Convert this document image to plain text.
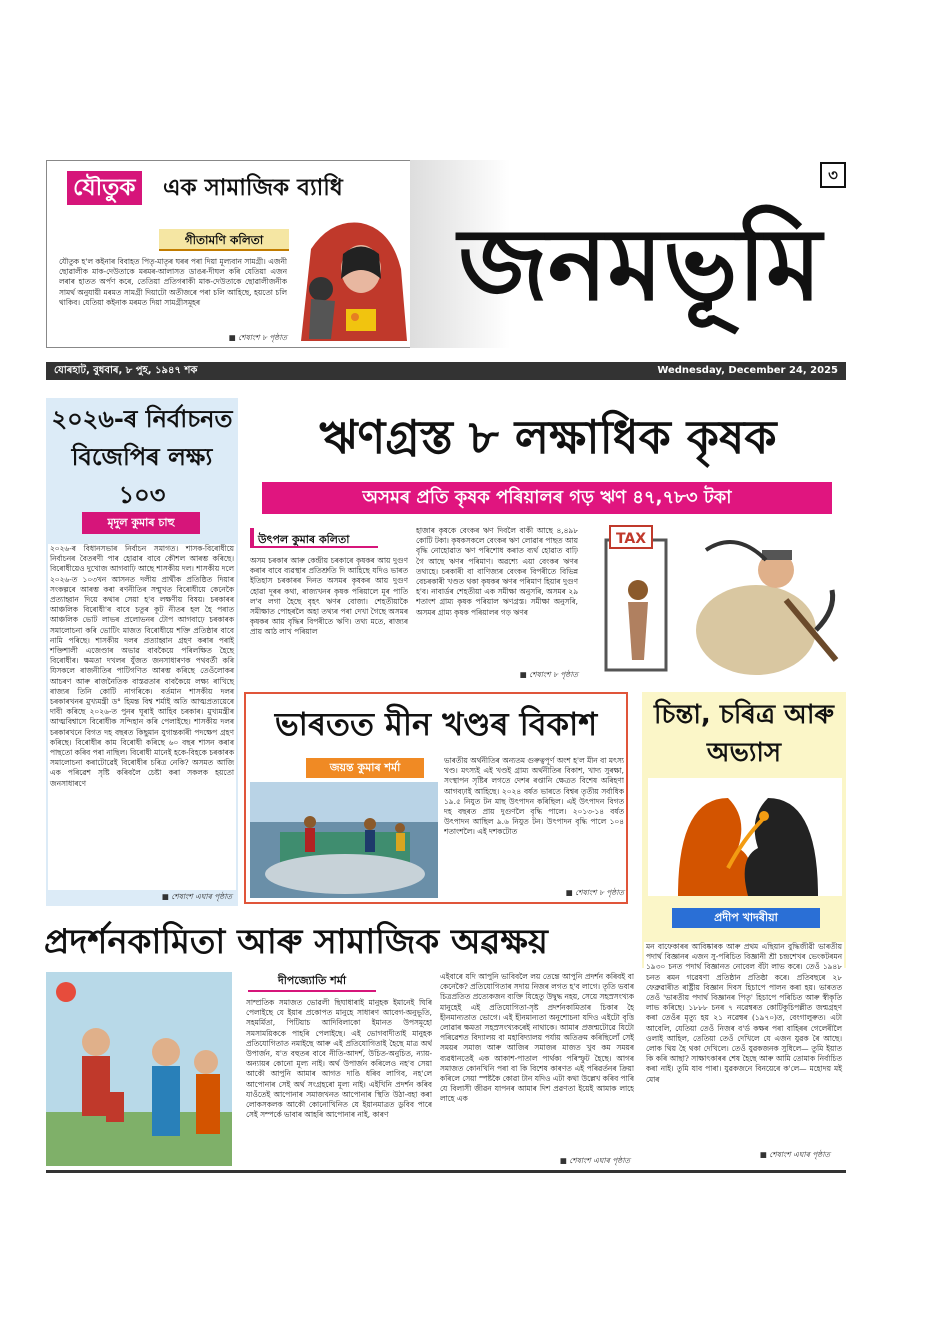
যৌতুক এক সামাজিক ব্যাধি
গীতামণি কলিতা
যৌতুক হ'ল কইনাৰ বিবাহত পিতৃ-মাতৃৰ ঘৰৰ পৰা দিয়া মূল্যবান সামগ্ৰী। এজনী ছোৱালীক মাক-দেউতাকে মৰমৰ-আলাসত ডাঙৰ-দীঘল কৰি যেতিয়া এজন লৰাৰ হাতত অৰ্পণ কৰে, তেতিয়া প্ৰতিগৰাকী মাক-দেউতাকে ছোৱালীজনীক সামৰ্থ অনুযায়ী মৰমত সামগ্ৰী দিয়াটো অতীজৰে পৰা চলি আহিছে, হয়তো চলি থাকিব। যেতিয়া কইনাক মৰমত দিয়া সামগ্ৰীসমূহৰ
■ শেষাংশ ৮ পৃষ্ঠাত
জনমভূমি
৩
যোৰহাট, বুধবাৰ, ৮ পুহ, ১৯৪৭ শক	Wednesday, December 24, 2025
২০২৬-ৰ নিৰ্বাচনত বিজেপিৰ লক্ষ্য ১০৩
মৃদুল কুমাৰ চাহু
২০২৬-ৰ বিধানসভাৰ নিৰ্বাচন সমাগত। শাসক-বিৰোধীয়ে নিৰ্বাচনৰ বৈতৰণী পাৰ হোৱাৰ বাবে কৌশল আৰম্ভ কৰিছে। বিৰোধীয়েও দুখোজ আগবাঢ়ি আছে শাসকীয় দল। শাসকীয় দলে ২০২৬-ত ১০৩খন আসনত দলীয় প্ৰাৰ্থীক প্ৰতিষ্ঠিত দিয়াৰ সংকল্পৰে আৰম্ভ কৰা ৰণনীতিৰ সন্মুখত বিৰোধীয়ে কেনেকৈ প্ৰত্যাহ্বান দিয়ে কথাৰ সেয়া হ'ব লক্ষণীয় বিষয়। চৰকাৰৰ আঞ্চলিক বিৰোধী'ৰ বাবে চতুৰ কূট নীতৰ হল হৈ পৰাত আঞ্চলিক ভোট লাভৰ প্ৰলোভনৰ টোপ আগবাঢ়ে চৰকাৰক সমালোচনা কৰি ভোটিং মাজত বিৰোধীয়ে শক্তি প্ৰতিষ্ঠাৰ বাবে নামি পৰিছে। শাসকীয় দলৰ প্ৰত্যাহ্বান গ্ৰহণ কৰাৰ পৰাই শক্তিশালী এজেণ্ডাৰ অভাৱ বাবকৈয়ে পৰিলক্ষিত হৈছে বিৰোধীৰ। ক্ষমতা দখলৰ যুঁজত জনসাধাৰণক পথবৰ্তী কৰি যিসকলে ৰাজনীতিৰ পাটিগণিত আৰম্ভ কৰিছে তেওঁলোকৰ আচৰণ আৰু ৰাজনৈতিক বাস্তৱতাৰ বাবকৈয়ে লক্ষ্য ৰাখিছে ৰাজ্যৰ তিনি কোটি নাগৰিকে। বৰ্তমান শাসকীয় দলৰ চৰকাৰখনৰ মুখ্যমন্ত্ৰী ড° হিমন্ত বিশ্ব শৰ্মাই অতি আত্মপ্ৰত্যয়েৰে দাবী কৰিছে ২০২৬-ত পুনৰ ঘূৰাই আহিব চৰকাৰ। মুখ্যমন্ত্ৰীৰ আত্মবিশ্বাসে বিৰোধীক সন্দিহান কৰি পেলাইছে। শাসকীয় দলৰ চৰকাৰখনে বিগত দহ বছৰত কিছুমান যুগান্তকাৰী পদক্ষেপ গ্ৰহণ কৰিছে। বিৰোধীৰ কাম বিৰোধী কৰিছে ৬০ বছৰ শাসন কৰাৰ পাছতো কৰিব পৰা নাছিল। বিৰোধী মানেই হকে-বিহকে চৰকাৰক সমালোচনা কৰাটোৱেই বিৰোধীৰ চৰিত্ৰ নেকি? অসমত আজি এক পৰিৱেশ সৃষ্টি কৰিবলৈ চেষ্টা কৰা সকলক হয়তো জনসাধাৰণে
■ শেষাংশ এঘাৰ পৃষ্ঠাত
ঋণগ্ৰস্ত ৮ লক্ষাধিক কৃষক
অসমৰ প্ৰতি কৃষক পৰিয়ালৰ গড় ঋণ ৪৭,৭৮৩ টকা
উৎপল কুমাৰ কলিতা
অসম চৰকাৰ আৰু কেন্দ্ৰীয় চৰকাৰে কৃষকৰ আয় দুগুণ কৰাৰ বাবে ব্যৱস্থাৰ প্ৰতিশ্ৰুতি দি আহিছে যদিও ভাৰত ইতিহাস চৰকাৰৰ দিনত অসমৰ কৃষকৰ আয় দুগুণ হোৱা দূৰৰ কথা, ৰাজ্যখনৰ কৃষক পৰিয়ালে মূৰ পাতি ল'ব লগা হৈছে বৃহৎ ঋণৰ বোজা। শেহতীয়াকৈ সমীক্ষাত পোহৰলৈ অহা তথ্যৰ পৰা দেখা গৈছে অসমৰ কৃষকৰ আয় বৃদ্ধিৰ বিপৰীতে ঋণি। তথ্য মতে, ৰাজ্যৰ প্ৰায় আঠ লাখ পৰিয়াল
হাজাৰ কৃষকে বেংকৰ ঋণ দিবলৈ বাকী আছে ৪,৪৯৮ কোটি টকা। কৃষকসকলে বেংকৰ ঋণ লোৱাৰ পাছত আয় বৃদ্ধি নোহোৱাত ঋণ পৰিশোধ কৰাত ব্যৰ্থ হোৱাত বাঢ়ি গৈ আছে ঋণৰ পৰিমাণ। অৱশ্যে এয়া বেংকৰ ঋণৰ তথ্যহে। চৰকাৰী বা বাণিজ্যৰ বেংকৰ বিপৰীতে বিভিন্ন বেচৰকাৰী খণ্ডত থকা কৃষকৰ ঋণৰ পৰিমাণ হিয়াৰ দুগুণ হ'ব। নাবাৰ্ডৰ শেহতীয়া এক সমীক্ষা অনুসৰি, অসমৰ ২৯ শতাংশ গ্ৰাম্য কৃষক পৰিয়াল ঋণগ্ৰস্ত। সমীক্ষা অনুসৰি, অসমৰ গ্ৰাম্য কৃষক পৰিয়ালৰ গড় ঋণৰ
■ শেষাংশ ৮ পৃষ্ঠাত
TAX
ভাৰতত মীন খণ্ডৰ বিকাশ
জয়ন্ত কুমাৰ শৰ্মা
ভাৰতীয় অৰ্থনীতিৰ অন্যতম গুৰুত্বপূৰ্ণ অংশ হ'ল মীন বা মৎস্য খণ্ড। মৎস্যই এই খণ্ডই গ্ৰাম্য অৰ্থনীতিৰ বিকাশ, খাদ্য সুৰক্ষা, সংস্থাপন সৃষ্টিৰ লগতে দেশৰ ৰপ্তানি ক্ষেত্ৰত বিশেষ অৰিহণা আগবঢ়াই আহিছে। ২০২৪ বৰ্ষত ভাৰতে বিশ্বৰ তৃতীয় সৰ্বাধিক ১৯.৫ নিযুত টন মাছ উৎপাদন কৰিছিল। এই উৎপাদন বিগত দহ বছৰত প্ৰায় দুগুণলৈ বৃদ্ধি পালে। ২০১৩-১৪ বৰ্ষত উৎপাদন আছিল ৯.৬ নিযুত টন। উৎপাদন বৃদ্ধি পালে ১০৪ শতাংশলৈ। এই দশকটোত
■ শেষাংশ ৮ পৃষ্ঠাত
চিন্তা, চৰিত্ৰ আৰু অভ্যাস
প্ৰদীপ খাদৰীয়া
মন বাফেকাৰৰ আবিষ্কাৰক আৰু প্ৰথম এছিয়ান বুদ্ধিজীৱী ভাৰতীয় পদাৰ্থ বিজ্ঞানৰ এজন সু-পৰিচিত বিজ্ঞানী শ্ৰী চন্দ্ৰশেখৰ ভেংকটৰমন ১৯৩০ চনত পদাৰ্থ বিজ্ঞানত নোবেল বঁটা লাভ কৰে। তেওঁ ১৯৪৮ চনত ৰমন গৱেষণা প্ৰতিষ্ঠান প্ৰতিষ্ঠা কৰে। প্ৰতিবছৰে ২৮ ফেব্ৰুৱাৰীত ৰাষ্ট্ৰীয় বিজ্ঞান দিবস হিচাপে পালন কৰা হয়। ভাৰতত তেওঁ 'ভাৰতীয় পদাৰ্থ বিজ্ঞানৰ পিতৃ' হিচাপে পৰিচিত আৰু স্বীকৃতি লাভ কৰিছে। ১৮৮৮ চনৰ ৭ নৱেম্বৰত কোটিকুচিপল্লীত জন্মগ্ৰহণ কৰা তেওঁৰ মৃত্যু হয় ২১ নৱেম্বৰ (১৯৭০)ত, বেংগালুৰুত। এটা আবেলি, যেতিয়া তেওঁ নিজৰ ব'ৰ্ড কক্ষৰ পৰা বাহিৰৰ গেলেৰীলৈ ওলাই আহিল, তেতিয়া তেওঁ দেখিলে যে এজন যুৱক ৰৈ আছে। লোক থিয় হৈ থকা দেখিলে। তেওঁ যুৱকজনক সুধিলে— তুমি ইয়াত কি কৰি আছা? সাক্ষাৎকাৰৰ শেষ হৈছে আৰু আমি তোমাক নিৰ্বাচিত কৰা নাই। তুমি যাব পাৰা। যুৱকজনে বিনয়েৰে ক'লে— মহোদয় মই মোৰ
■ শেষাংশ এঘাৰ পৃষ্ঠাত
প্ৰদৰ্শনকামিতা আৰু সামাজিক অৱক্ষয়
দীপজ্যোতি শৰ্মা
সাম্প্ৰতিক সমাজত ভোৱলী ছিঘাধাৰাই মানুহক ইমানেই ঘিৰি পেলাইছে যে ইয়াৰ প্ৰকোপত মানুহে সাধাৰণ আবেগ-অনুভূতি, সহমৰ্মিতা, পিটিয়াচ আদিবিলাকো ইমানত উপসমূহো সমসাময়িককে পাহৰি পেলাইছে। এই ভোগবাদীতাই মানুহক প্ৰতিযোগিতাত নমাইছে আৰু এই প্ৰতিযোগিতাই হৈছে মাত্ৰ অৰ্থ উপাৰ্জন, য'ত বহুতৰ বাবে নীতি-আদৰ্শ, উচিত-অনুচিত, ন্যায়-অন্যায়ৰ কোনো মূল্য নাই। অৰ্থ উপাৰ্জন কৰিলেও নহ'ব সেয়া আকৌ আপুনি আমাৰ আগত দাঙি ধৰিব লাগিব, নহ'লে আপোনাৰ সেই অৰ্থ সংগ্ৰহৰো মূল্য নাই। এইখিনি প্ৰদৰ্শন কৰিব যাওঁতেই আপোনাৰ সমাজখনত আপোনাৰ স্থিতি উঠা-বহা কৰা লোকসকলক আকৌ কোনোখিনিত যে ইয়ানমাত্ৰত ডুবিব পাৰে সেই সম্পৰ্কে ভাবাৰ আহৰি আপোনাৰ নাই, কাৰণ
এইবাৰে যদি আপুনি ভাবিবলৈ লয় তেন্তে আপুনি প্ৰদৰ্শন কৰিবই বা কেনেকৈ? প্ৰতিযোগিতাৰ সদায় নিজৰ লগত হ'ব লাগে। তৃতি ভবাৰ চিত্ৰপ্ৰতিত প্ৰত্যেকজন ব্যক্তি যিহেতু উদ্বুদ্ধ নহয়, সেয়ে সহস্ৰসংখ্যক মানুহেই এই প্ৰতিযোগিতা-সৃষ্ট প্ৰদৰ্শনকামিতাৰ চিকাৰ হৈ হীনমান্যতাত ভোগে। এই হীনমান্যতা অনুশোচনা যদিও এইটো বৃত্তি লোৱাৰ ক্ষমতা সহস্ৰসংখ্যকৰেই নাথাকে। আমাৰ প্ৰজন্মটোৱে যিটো পৰিৱেশত বিদ্যালয় বা মহাবিদ্যালয় পৰ্যায় অতিক্ৰম কৰিছিলোঁ সেই সময়ৰ সমাজ আৰু আজিৰ সমাজৰ মাজত খুব কম সময়ৰ ব্যৱধানতেই এক আকাশ-পাতাল পাৰ্থক্য পৰিস্ফুট হৈছে। আগৰ সমাজত কোনখিনি পৰা বা কি বিশেষ কাৰণত এই পৰিৱৰ্তনৰ ক্ৰিয়া কৰিলে সেয়া স্পষ্টকৈ কোৱা টান যদিও এটা কথা উল্লেখ কৰিব পাৰি যে বিলাসী জীৱন যাপনৰ আমাৰ দিশ প্ৰৱণতা ইয়েই আমাক লাহে লাহে এক
■ শেষাংশ এঘাৰ পৃষ্ঠাত
